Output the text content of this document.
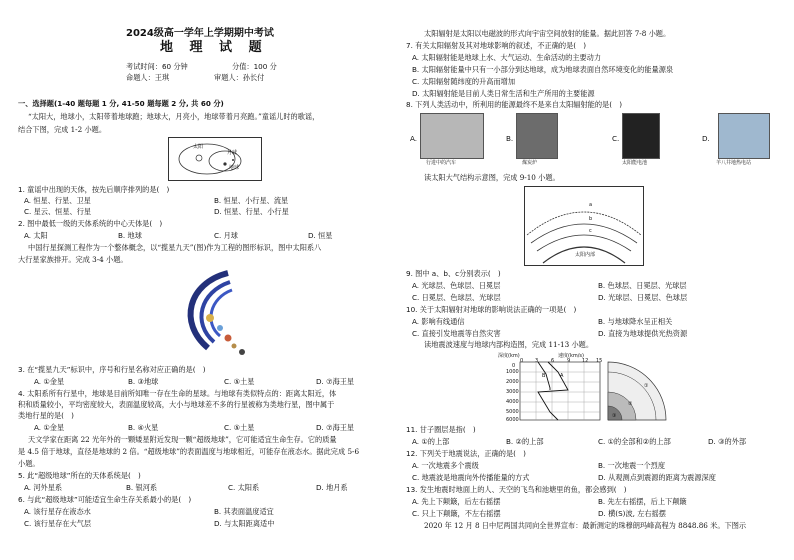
2024级高一学年上学期期中考试
地 理 试 题
考试时间：60 分钟	分值：100 分
命题人：王琪	审题人：孙长付
一、选择题(1-40 题每题 1 分, 41-50 题每题 2 分, 共 60 分)
“太阳大，地球小，太阳带着地球跑；地球大，月亮小，地球带着月亮跑。”童谣儿时的歌谣，
结合下图，完成 1-2 小题。
太阳
地球
月球
1. 童谣中出现的天体，按先后顺序排列的是(　)
A. 恒星、行星、卫星	B. 恒星、小行星、流星
C. 星云、恒星、行星	D. 恒星、行星、小行星
2. 图中最低一级的天体系统的中心天体是(　)
A. 太阳	B. 地球	C. 月球	D. 恒星
中国行星探测工程作为一个整体概念，以“揽星九天”(图)作为工程的图形标识，图中太阳系八
大行星家族排开。完成 3-4 小题。
3. 在“揽星九天”标识中，序号和行星名称对应正确的是(　)
A. ①金星	B. ③地球	C. ⑤土星	D. ⑦海王星
4. 太阳系所有行星中，地球是目前所知唯一存在生命的星球。与地球有类似特点的：距离太阳近，体
积和质量较小，平均密度较大，表面温度较高，大小与地球差不多的行星被称为类地行星，图中属于
类地行星的是(　)
A. ①金星	B. ④火星	C. ⑤土星	D. ⑦海王星
天文学家在距离 22 光年外的一颗矮星附近发现一颗“超级地球”，它可能适宜生命生存。它的质量
是 4.5 倍于地球，直径是地球的 2 倍。“超级地球”的表面温度与地球相近，可能存在液态水。据此完成 5-6
小题。
5. 此“超级地球”所在的天体系统是(　)
A. 河外星系	B. 银河系	C. 太阳系	D. 地月系
6. 与此“超级地球”可能适宜生命生存关系最小的是(　)
A. 该行星存在液态水	B. 其表面温度适宜
C. 该行星存在大气层	D. 与太阳距离适中
太阳辐射是太阳以电磁波的形式向宇宙空间放射的能量。据此回答 7-8 小题。
7. 有关太阳辐射及其对地球影响的叙述，不正确的是(　)
A. 太阳辐射能是地球上水、大气运动、生命活动的主要动力
B. 太阳辐射能量中只有一小部分到达地球，成为地球表面自然环境变化的能量源泉
C. 太阳辐射随纬度的升高而增加
D. 太阳辐射能是目前人类日常生活和生产所用的主要能源
8. 下列人类活动中，所利用的能源最终不是来自太阳辐射能的是(　)
A.
行进中的汽车
B.
煤炭炉
C.
太阳能电池
D.
羊八井地热电站
读太阳大气结构示意图，完成 9-10 小题。
a
b
c
太阳内部
9. 图中 a、b、c分别表示(　)
A. 光球层、色球层、日冕层	B. 色球层、日冕层、光球层
C. 日冕层、色球层、光球层	D. 光球层、日冕层、色球层
10. 关于太阳辐射对地球的影响说法正确的一项是(　)
A. 影响有线通信	B. 与地球降水呈正相关
C. 直接引发地震等自然灾害	D. 直接为地球提供光热资源
读地震波速度与地球内部构造图，完成 11-13 小题。
深度(km)	速度(km/s)
0 3	6	9 12 15
1000
2000
3000
4000
5000
6000
0
A
B
①
②
③
11. 甘子圈层是指(　)
A. ①的上部	B. ②的上部	C. ①的全部和②的上部	D. ③的外部
12. 下列关于地震说法，正确的是(　)
A. 一次地震多个震级	B. 一次地震一个烈度
C. 地震波是地震向外传播能量的方式	D. 从观测点到震源的距离为震源深度
13. 发生地震时地面上的人、天空的飞鸟和池塘里的鱼，都会感到(　)
A. 先上下颠簸，后左右摇摆	B. 先左右摇摆，后上下颠簸
C. 只上下颠簸，不左右摇摆	D. 横(S)波, 左右摇摆
2020 年 12 月 8 日中尼两国共同向全世界宣布：最新测定的珠穆朗玛峰高程为 8848.86 米。下图示
